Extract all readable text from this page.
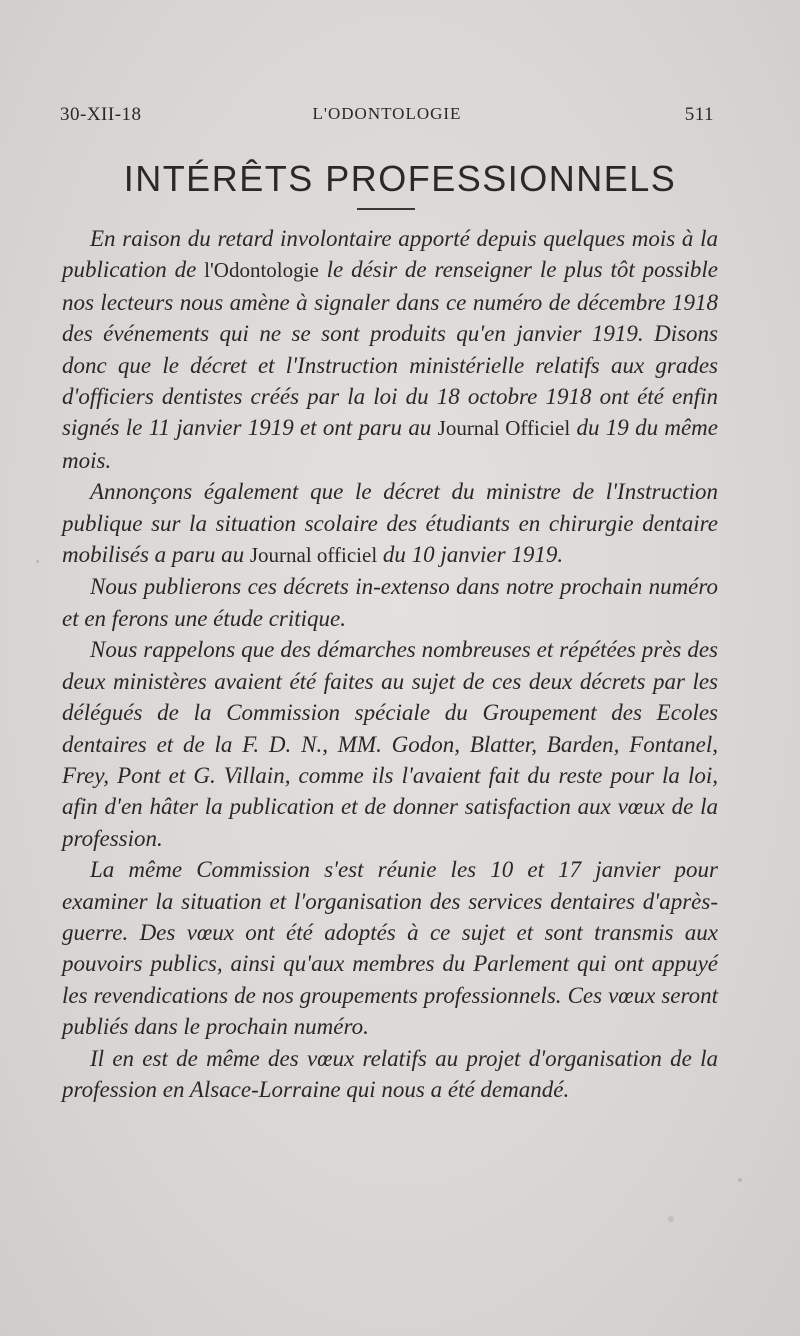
30-XII-18	L'ODONTOLOGIE	511
INTÉRÊTS PROFESSIONNELS

En raison du retard involontaire apporté depuis quelques mois à la publication de l'Odontologie le désir de renseigner le plus tôt possible nos lecteurs nous amène à signaler dans ce numéro de décembre 1918 des événements qui ne se sont produits qu'en janvier 1919. Disons donc que le décret et l'Instruction ministérielle relatifs aux grades d'officiers dentistes créés par la loi du 18 octobre 1918 ont été enfin signés le 11 janvier 1919 et ont paru au Journal Officiel du 19 du même mois.

Annonçons également que le décret du ministre de l'Instruction publique sur la situation scolaire des étudiants en chirurgie dentaire mobilisés a paru au Journal officiel du 10 janvier 1919.

Nous publierons ces décrets in-extenso dans notre prochain numéro et en ferons une étude critique.

Nous rappelons que des démarches nombreuses et répétées près des deux ministères avaient été faites au sujet de ces deux décrets par les délégués de la Commission spéciale du Groupement des Ecoles dentaires et de la F. D. N., MM. Godon, Blatter, Barden, Fontanel, Frey, Pont et G. Villain, comme ils l'avaient fait du reste pour la loi, afin d'en hâter la publication et de donner satisfaction aux vœux de la profession.

La même Commission s'est réunie les 10 et 17 janvier pour examiner la situation et l'organisation des services dentaires d'après-guerre. Des vœux ont été adoptés à ce sujet et sont transmis aux pouvoirs publics, ainsi qu'aux membres du Parlement qui ont appuyé les revendications de nos groupements professionnels. Ces vœux seront publiés dans le prochain numéro.

Il en est de même des vœux relatifs au projet d'organisation de la profession en Alsace-Lorraine qui nous a été demandé.
